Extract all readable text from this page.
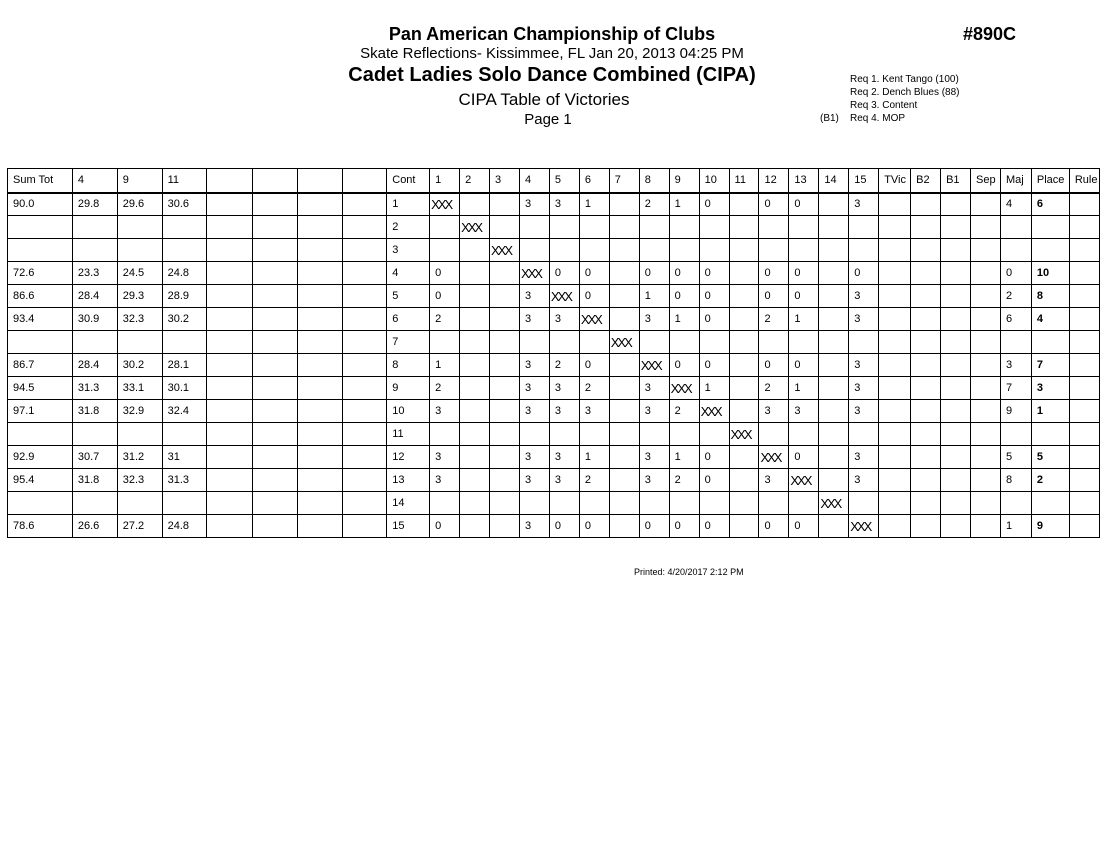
Pan American Championship of Clubs
Skate Reflections- Kissimmee, FL Jan 20, 2013 04:25 PM
Cadet Ladies Solo Dance Combined (CIPA)
CIPA Table of Victories
Page 1
#890C
Req 1. Kent Tango (100)
Req 2. Dench Blues (88)
Req 3. Content
(B1) Req 4. MOP
Sum Tot	4	9	11					Cont	1	2	3	4	5	6	7	8	9	10	11	12	13	14	15	TVic	B2	B1	Sep	Maj	Place	Rule
90.0	29.8	29.6	30.6					1	XXX			3	3	1		2	1	0		0	0		3					4	6	
								2		XXX																				
								3			XXX																			
72.6	23.3	24.5	24.8					4	0			XXX	0	0		0	0	0		0	0		0					0	10	
86.6	28.4	29.3	28.9					5	0			3	XXX	0		1	0	0		0	0		3					2	8	
93.4	30.9	32.3	30.2					6	2			3	3	XXX		3	1	0		2	1		3					6	4	
								7							XXX															
86.7	28.4	30.2	28.1					8	1			3	2	0		XXX	0	0		0	0		3					3	7	
94.5	31.3	33.1	30.1					9	2			3	3	2		3	XXX	1		2	1		3					7	3	
97.1	31.8	32.9	32.4					10	3			3	3	3		3	2	XXX		3	3		3					9	1	
								11											XXX											
92.9	30.7	31.2	31					12	3			3	3	1		3	1	0		XXX	0		3					5	5	
95.4	31.8	32.3	31.3					13	3			3	3	2		3	2	0		3	XXX		3					8	2	
								14														XXX								
78.6	26.6	27.2	24.8					15	0			3	0	0		0	0	0		0	0		XXX					1	9	
Printed: 4/20/2017 2:12 PM
